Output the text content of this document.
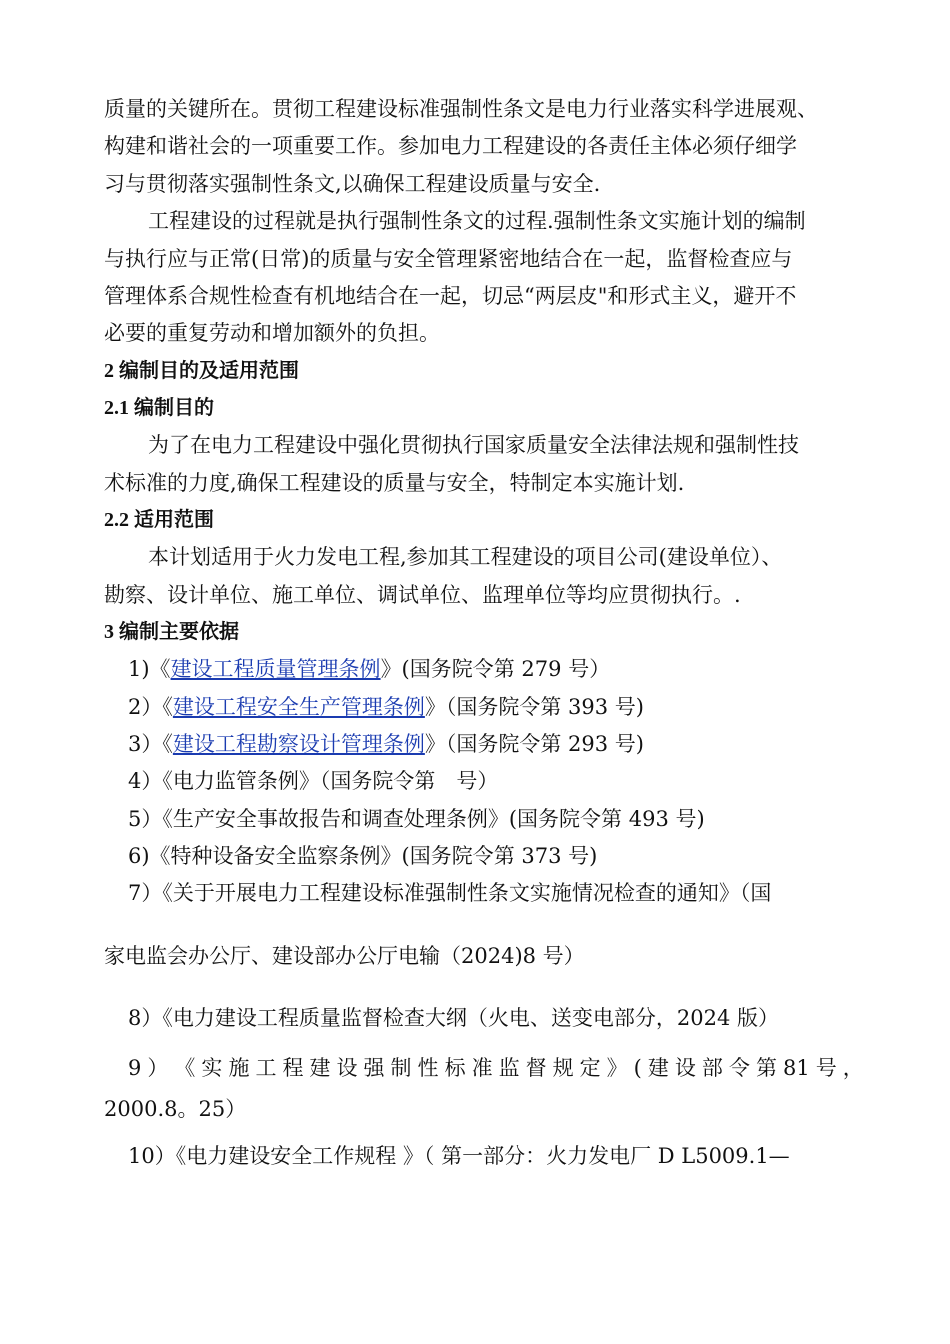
质量的关键所在。贯彻工程建设标准强制性条文是电力行业落实科学进展观、
构建和谐社会的一项重要工作。参加电力工程建设的各责任主体必须仔细学
习与贯彻落实强制性条文,以确保工程建设质量与安全.
工程建设的过程就是执行强制性条文的过程.强制性条文实施计划的编制
与执行应与正常(日常)的质量与安全管理紧密地结合在一起，监督检查应与
管理体系合规性检查有机地结合在一起，切忌“两层皮"和形式主义，避开不
必要的重复劳动和增加额外的负担。
2 编制目的及适用范围
2.1 编制目的
为了在电力工程建设中强化贯彻执行国家质量安全法律法规和强制性技
术标准的力度,确保工程建设的质量与安全，特制定本实施计划.
2.2 适用范围
本计划适用于火力发电工程,参加其工程建设的项目公司(建设单位）、
勘察、设计单位、施工单位、调试单位、监理单位等均应贯彻执行。.
3 编制主要依据
1)《建设工程质量管理条例》(国务院令第 279 号）
2）《建设工程安全生产管理条例》（国务院令第 393 号)
3）《建设工程勘察设计管理条例》（国务院令第 293 号)
4）《电力监管条例》（国务院令第　号）
5）《生产安全事故报告和调查处理条例》(国务院令第 493 号)
6)《特种设备安全监察条例》(国务院令第 373 号)
7）《关于开展电力工程建设标准强制性条文实施情况检查的通知》（国
家电监会办公厅、建设部办公厅电输（2024)8 号）
8）《电力建设工程质量监督检查大纲（火电、送变电部分，2024 版）
9 ） 《 实 施 工 程 建 设 强 制 性 标 准 监 督 规 定 》 ( 建 设 部 令 第 81 号 ，
2000.8。25）
10）《电力建设安全工作规程 》（ 第一部分：火力发电厂 D L5009.1—
